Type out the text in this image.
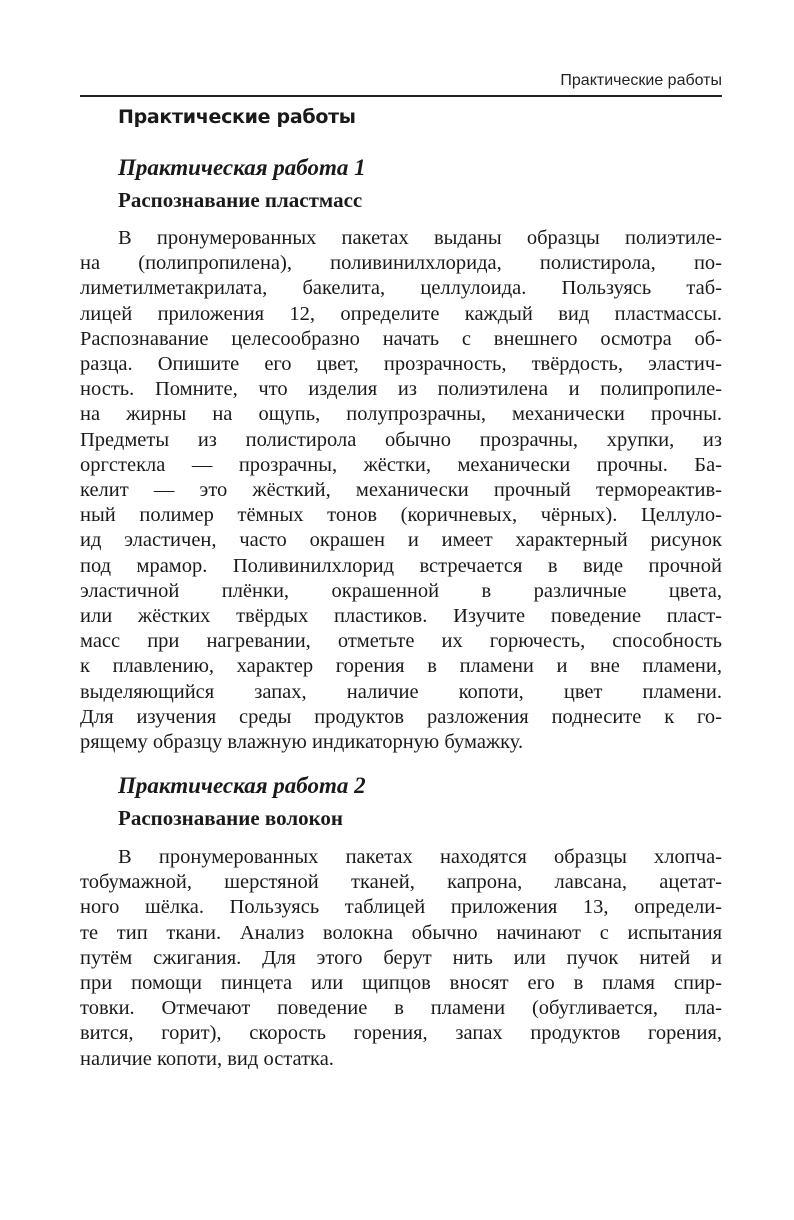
Практические работы
Практические работы
Практическая работа 1
Распознавание пластмасс
В пронумерованных пакетах выданы образцы полиэтиле-
на (полипропилена), поливинилхлорида, полистирола, по-
лиметилметакрилата, бакелита, целлулоида. Пользуясь таб-
лицей приложения 12, определите каждый вид пластмассы.
Распознавание целесообразно начать с внешнего осмотра об-
разца. Опишите его цвет, прозрачность, твёрдость, эластич-
ность. Помните, что изделия из полиэтилена и полипропиле-
на жирны на ощупь, полупрозрачны, механически прочны.
Предметы из полистирола обычно прозрачны, хрупки, из
оргстекла — прозрачны, жёстки, механически прочны. Ба-
келит — это жёсткий, механически прочный термореактив-
ный полимер тёмных тонов (коричневых, чёрных). Целлуло-
ид эластичен, часто окрашен и имеет характерный рисунок
под мрамор. Поливинилхлорид встречается в виде прочной
эластичной плёнки, окрашенной в различные цвета,
или жёстких твёрдых пластиков. Изучите поведение пласт-
масс при нагревании, отметьте их горючесть, способность
к плавлению, характер горения в пламени и вне пламени,
выделяющийся запах, наличие копоти, цвет пламени.
Для изучения среды продуктов разложения поднесите к го-
рящему образцу влажную индикаторную бумажку.
Практическая работа 2
Распознавание волокон
В пронумерованных пакетах находятся образцы хлопча-
тобумажной, шерстяной тканей, капрона, лавсана, ацетат-
ного шёлка. Пользуясь таблицей приложения 13, определи-
те тип ткани. Анализ волокна обычно начинают с испытания
путём сжигания. Для этого берут нить или пучок нитей и
при помощи пинцета или щипцов вносят его в пламя спир-
товки. Отмечают поведение в пламени (обугливается, пла-
вится, горит), скорость горения, запах продуктов горения,
наличие копоти, вид остатка.
